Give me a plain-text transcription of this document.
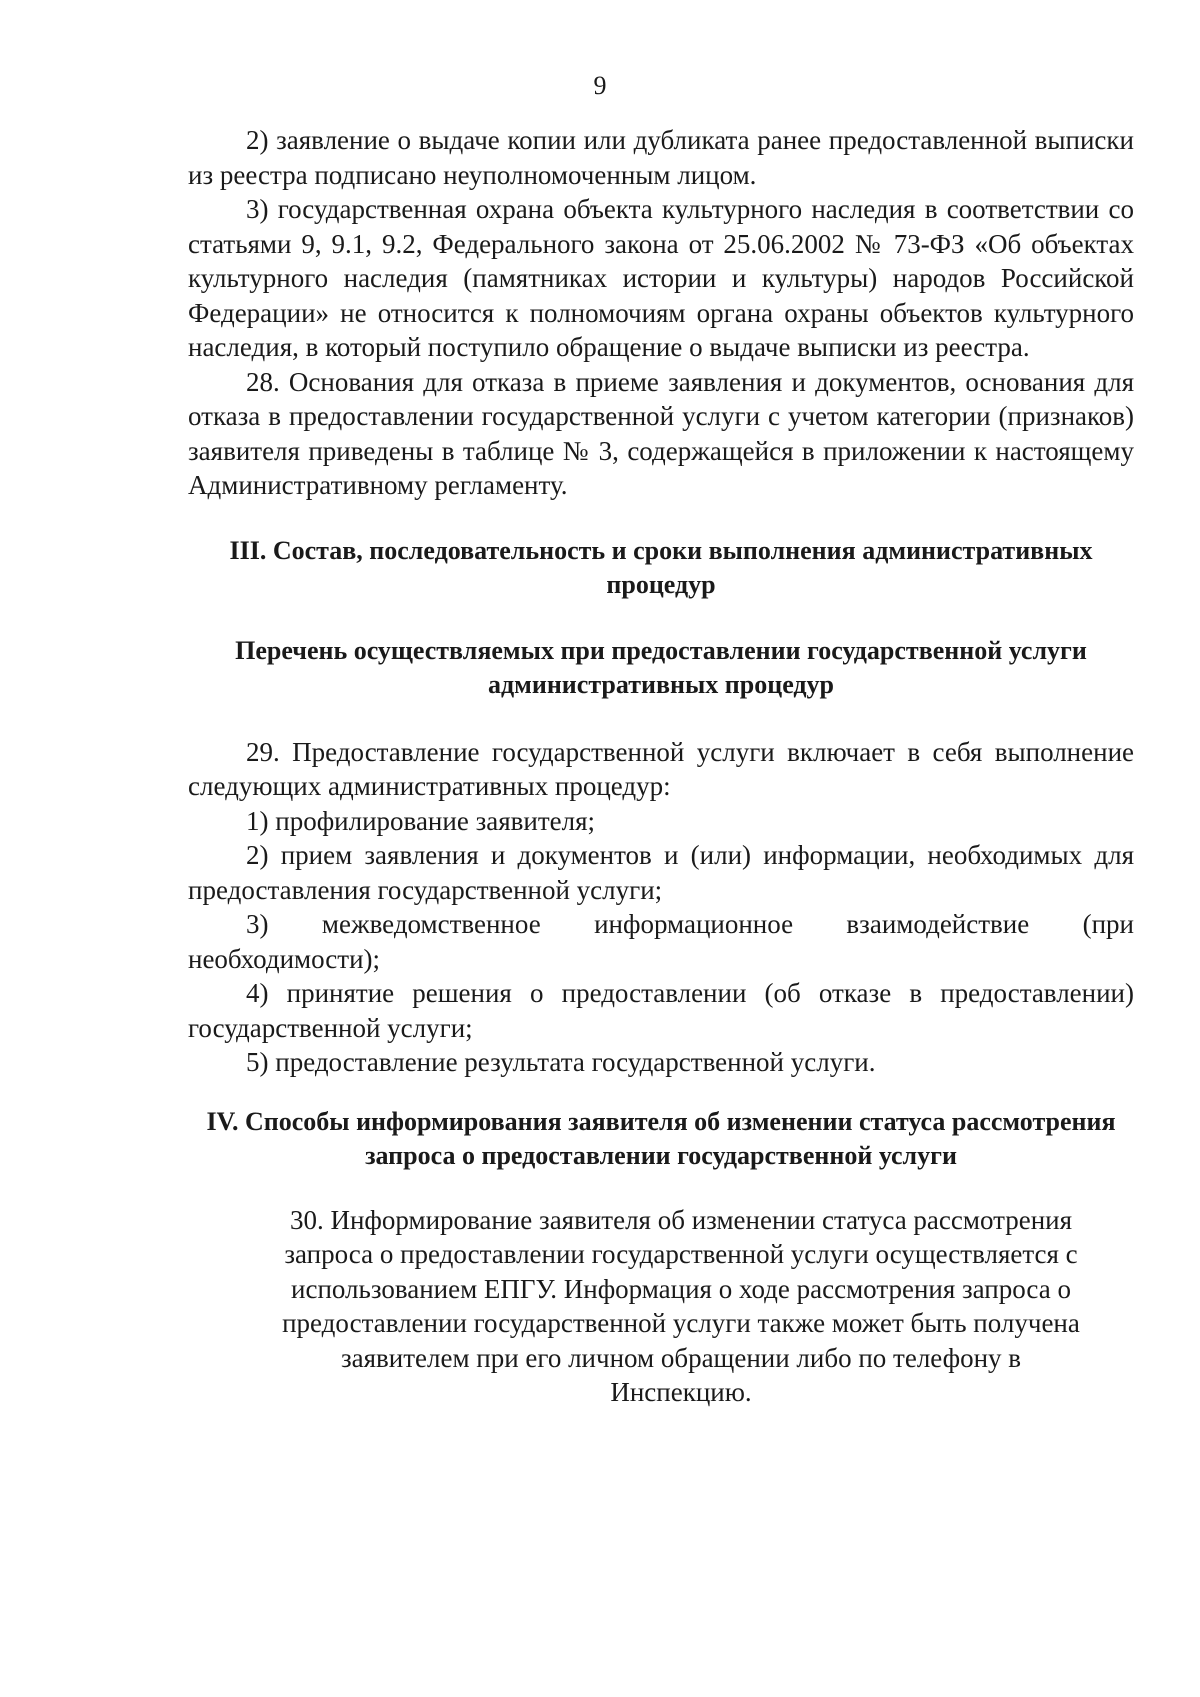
9

2) заявление о выдаче копии или дубликата ранее предоставленной выписки из реестра подписано неуполномоченным лицом.

3) государственная охрана объекта культурного наследия в соответствии со статьями 9, 9.1, 9.2, Федерального закона от 25.06.2002 № 73-ФЗ «Об объектах культурного наследия (памятниках истории и культуры) народов Российской Федерации» не относится к полномочиям органа охраны объектов культурного наследия, в который поступило обращение о выдаче выписки из реестра.

28. Основания для отказа в приеме заявления и документов, основания для отказа в предоставлении государственной услуги с учетом категории (признаков) заявителя приведены в таблице № 3, содержащейся в приложении к настоящему Административному регламенту.

III. Состав, последовательность и сроки выполнения административных процедур
Перечень осуществляемых при предоставлении государственной услуги административных процедур

29. Предоставление государственной услуги включает в себя выполнение следующих административных процедур:

1) профилирование заявителя;

2) прием заявления и документов и (или) информации, необходимых для предоставления государственной услуги;

3) межведомственное информационное взаимодействие (при необходимости);

4) принятие решения о предоставлении (об отказе в предоставлении) государственной услуги;

5) предоставление результата государственной услуги.

IV. Способы информирования заявителя об изменении статуса рассмотрения запроса о предоставлении государственной услуги

30. Информирование заявителя об изменении статуса рассмотрения запроса о предоставлении государственной услуги осуществляется с использованием ЕПГУ. Информация о ходе рассмотрения запроса о предоставлении государственной услуги также может быть получена заявителем при его личном обращении либо по телефону в Инспекцию.
